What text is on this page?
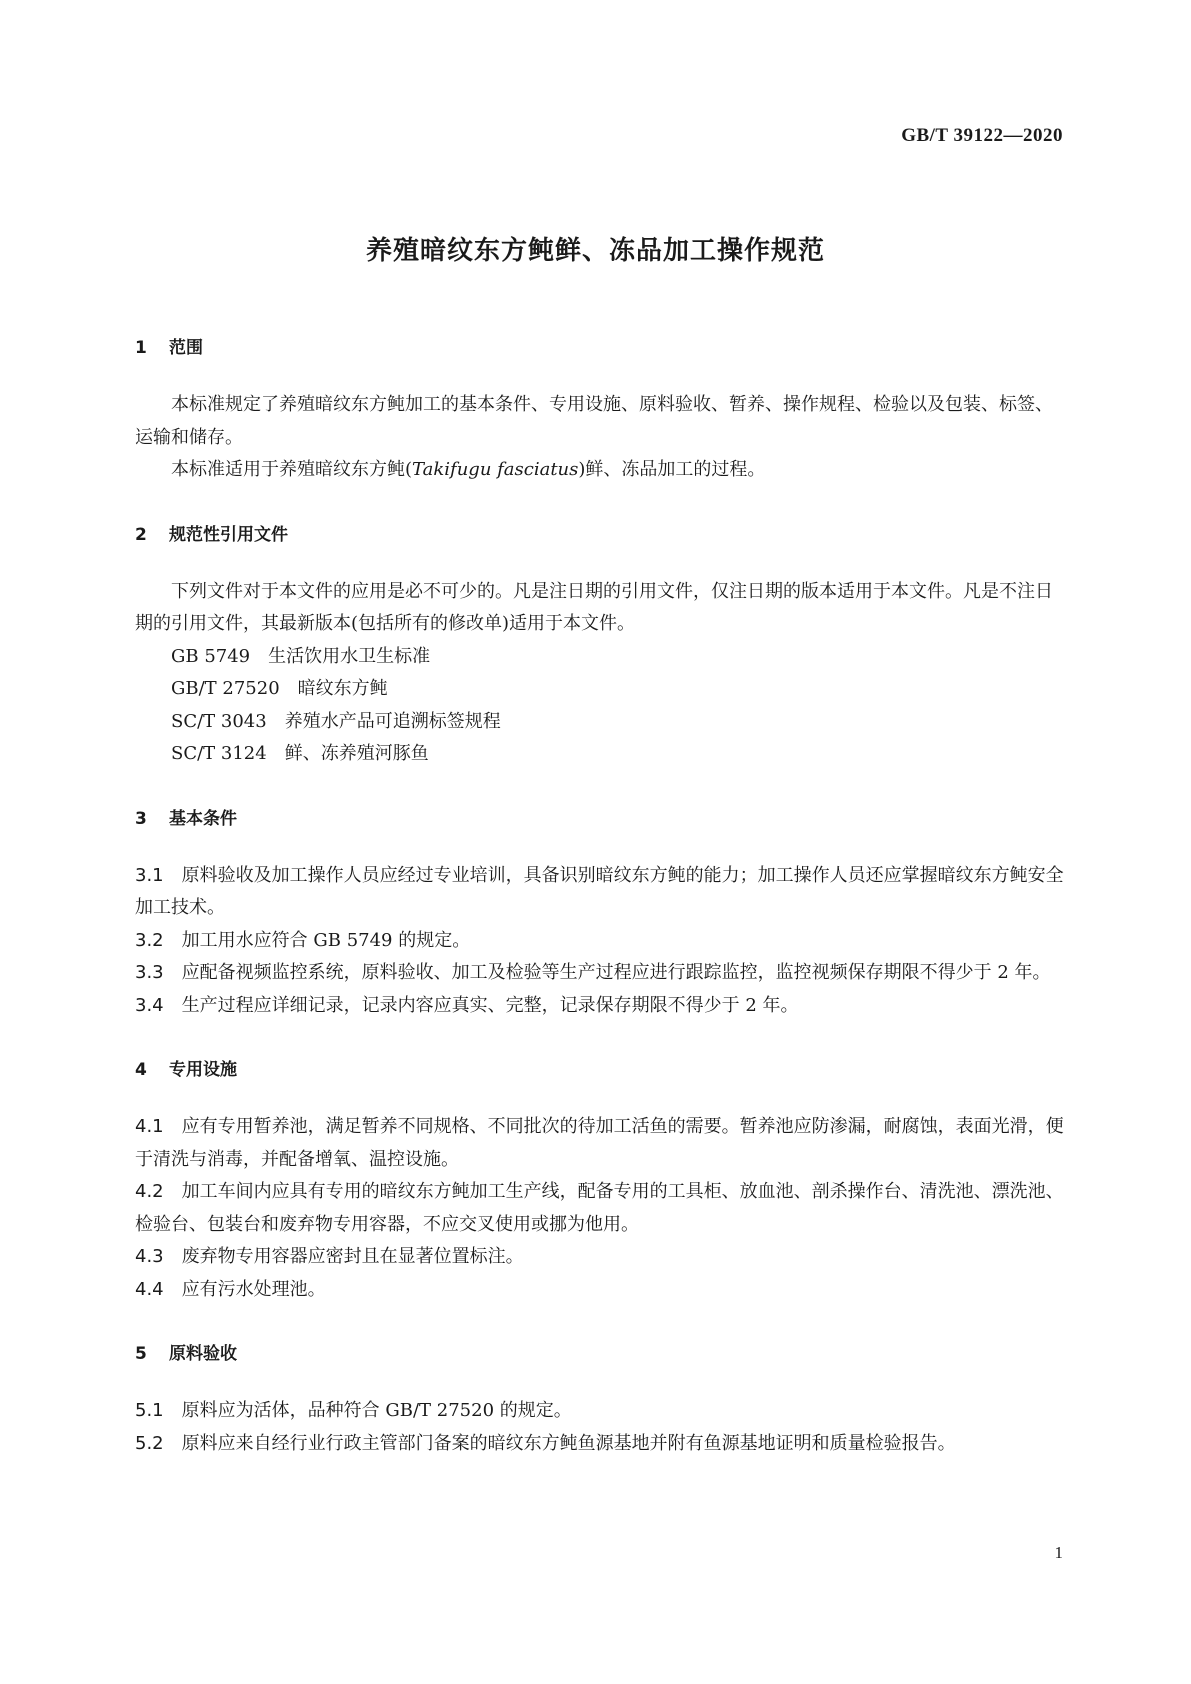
GB/T 39122—2020
养殖暗纹东方鲀鲜、冻品加工操作规范
1 范围

本标准规定了养殖暗纹东方鲀加工的基本条件、专用设施、原料验收、暂养、操作规程、检验以及包装、标签、运输和储存。

本标准适用于养殖暗纹东方鲀(Takifugu fasciatus)鲜、冻品加工的过程。

2 规范性引用文件

下列文件对于本文件的应用是必不可少的。凡是注日期的引用文件，仅注日期的版本适用于本文件。凡是不注日期的引用文件，其最新版本(包括所有的修改单)适用于本文件。

GB 5749 生活饮用水卫生标准

GB/T 27520 暗纹东方鲀

SC/T 3043 养殖水产品可追溯标签规程

SC/T 3124 鲜、冻养殖河豚鱼

3 基本条件

3.1 原料验收及加工操作人员应经过专业培训，具备识别暗纹东方鲀的能力；加工操作人员还应掌握暗纹东方鲀安全加工技术。

3.2 加工用水应符合 GB 5749 的规定。

3.3 应配备视频监控系统，原料验收、加工及检验等生产过程应进行跟踪监控，监控视频保存期限不得少于 2 年。

3.4 生产过程应详细记录，记录内容应真实、完整，记录保存期限不得少于 2 年。

4 专用设施

4.1 应有专用暂养池，满足暂养不同规格、不同批次的待加工活鱼的需要。暂养池应防渗漏，耐腐蚀，表面光滑，便于清洗与消毒，并配备增氧、温控设施。

4.2 加工车间内应具有专用的暗纹东方鲀加工生产线，配备专用的工具柜、放血池、剖杀操作台、清洗池、漂洗池、检验台、包装台和废弃物专用容器，不应交叉使用或挪为他用。

4.3 废弃物专用容器应密封且在显著位置标注。

4.4 应有污水处理池。

5 原料验收

5.1 原料应为活体，品种符合 GB/T 27520 的规定。

5.2 原料应来自经行业行政主管部门备案的暗纹东方鲀鱼源基地并附有鱼源基地证明和质量检验报告。

1
